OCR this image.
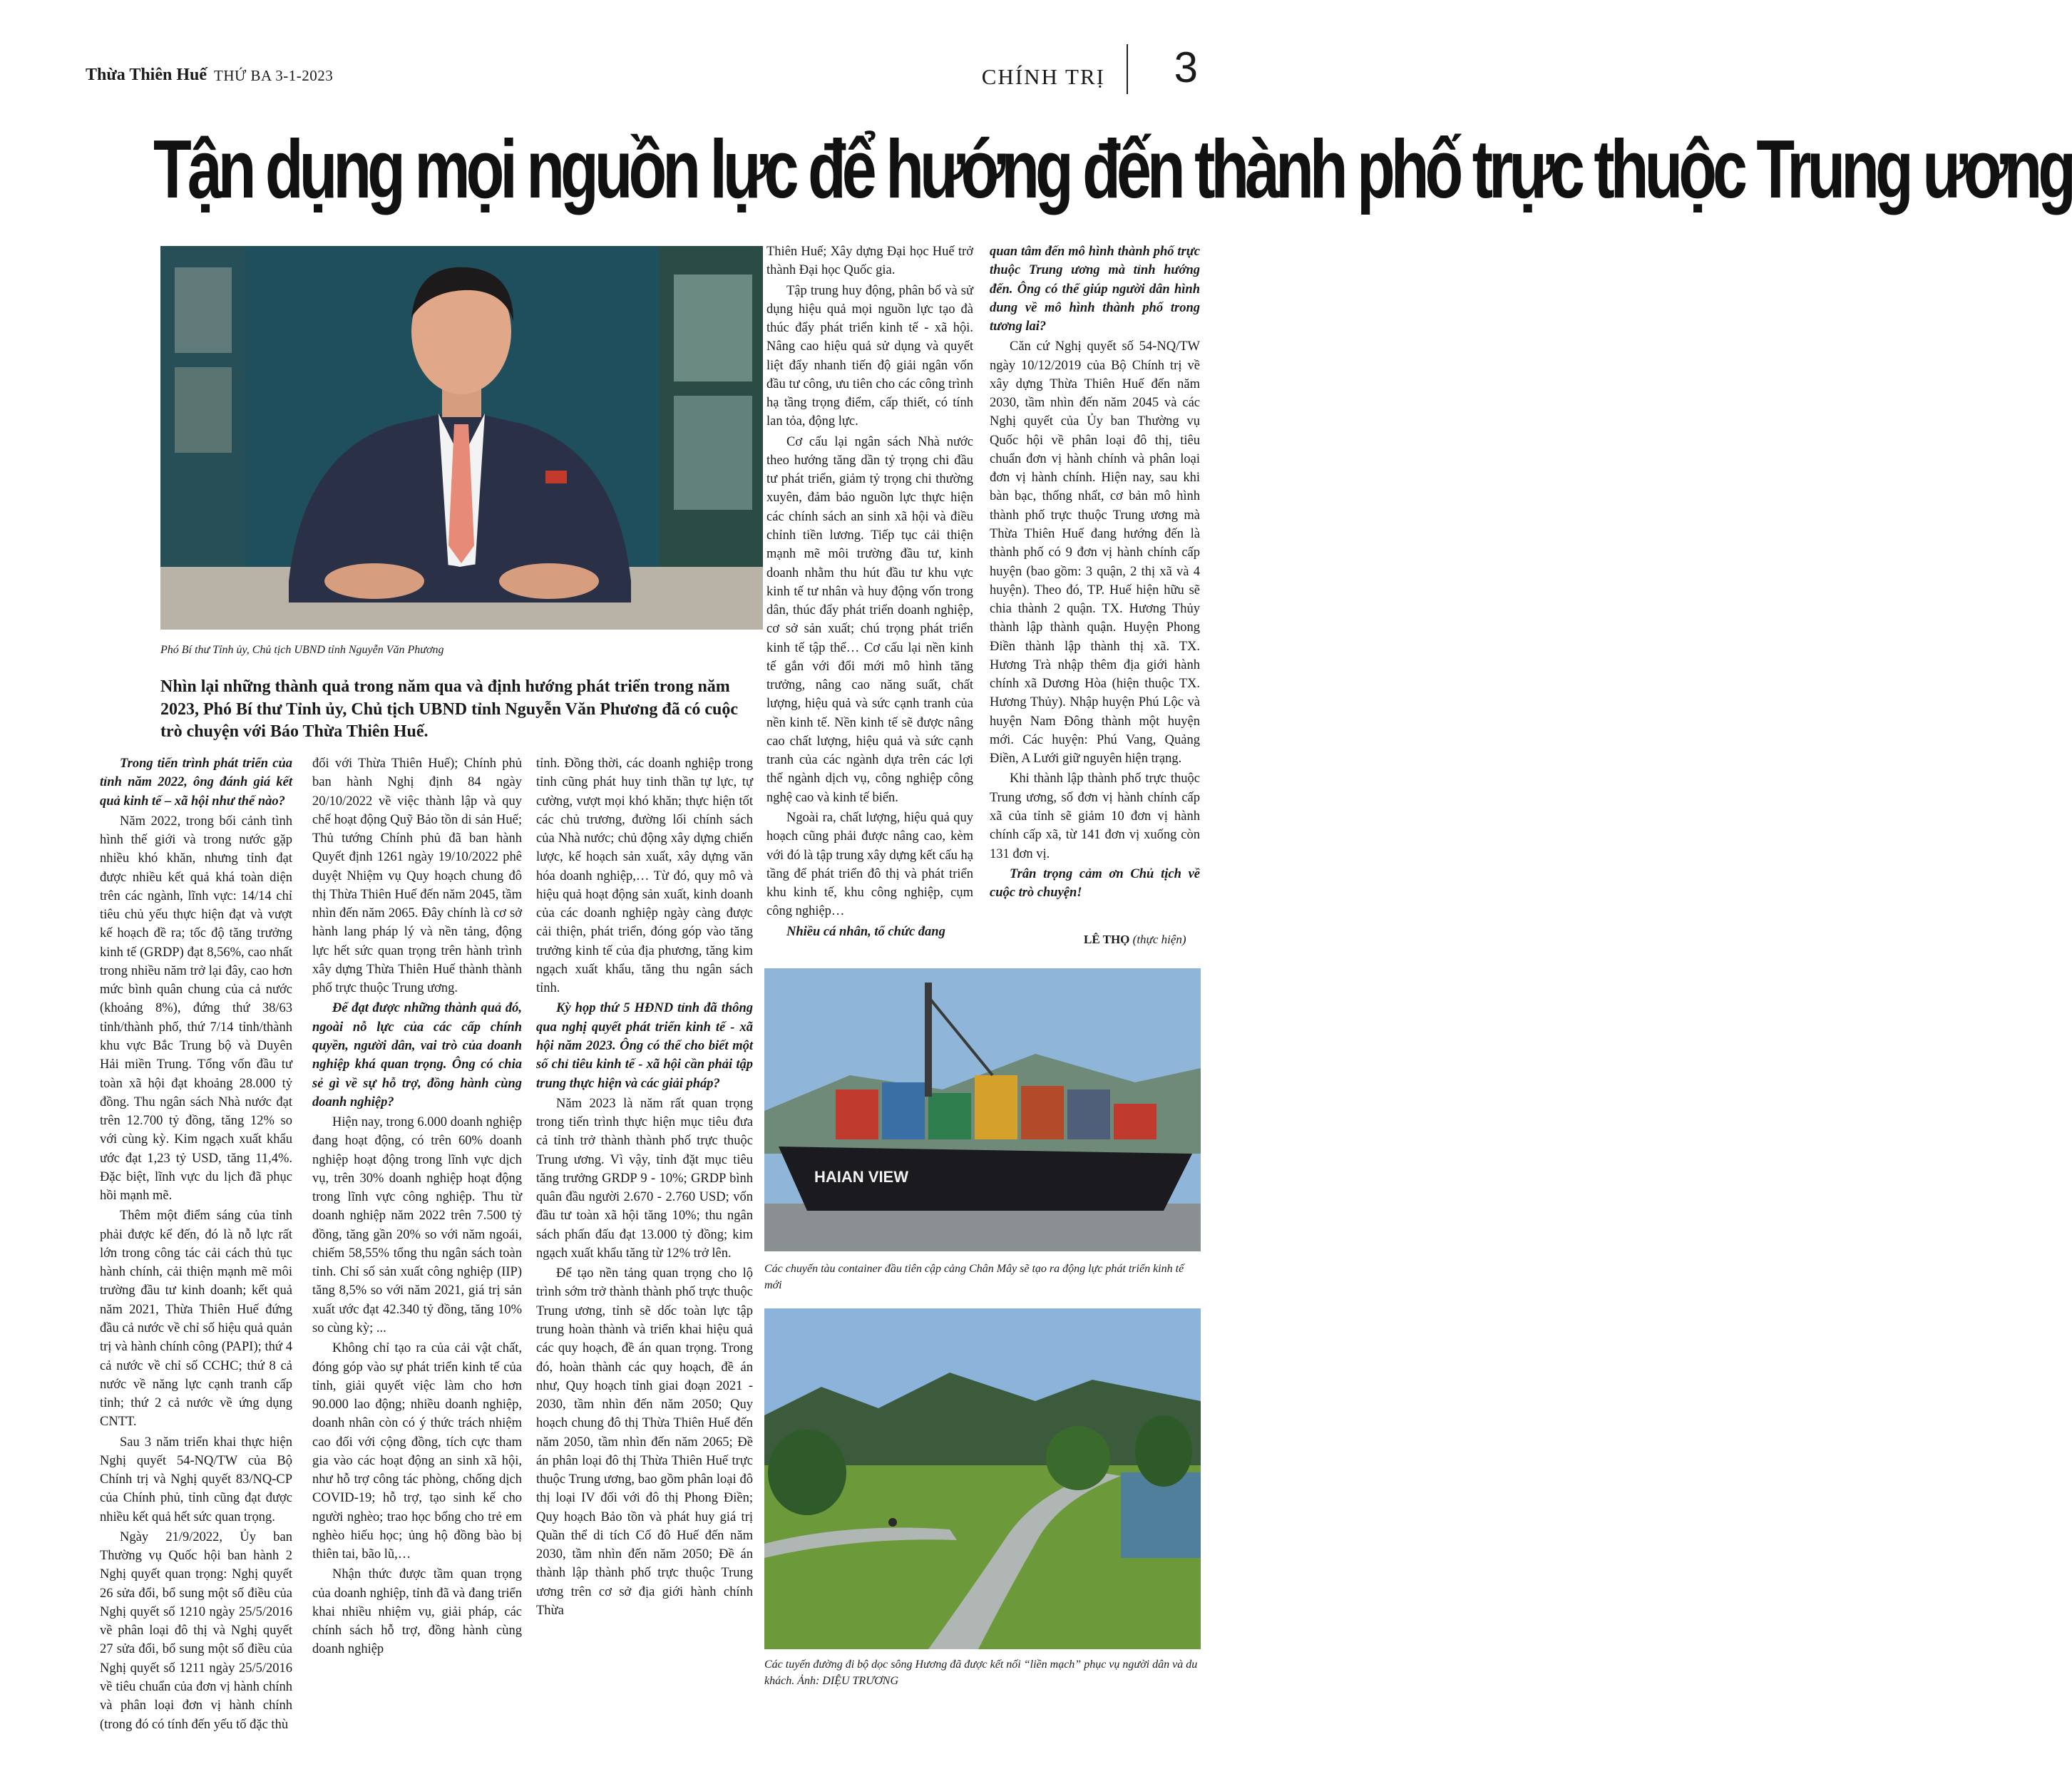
Thừa Thiên Huế THỨ BA 3-1-2023	CHÍNH TRỊ 3
Tận dụng mọi nguồn lực để hướng đến thành phố trực thuộc Trung ương
Phó Bí thư Tỉnh ủy, Chủ tịch UBND tỉnh Nguyễn Văn Phương
Nhìn lại những thành quả trong năm qua và định hướng phát triển trong năm 2023, Phó Bí thư Tỉnh ủy, Chủ tịch UBND tỉnh Nguyễn Văn Phương đã có cuộc trò chuyện với Báo Thừa Thiên Huế.

Trong tiến trình phát triển của tỉnh năm 2022, ông đánh giá kết quả kinh tế – xã hội như thế nào?

Năm 2022, trong bối cảnh tình hình thế giới và trong nước gặp nhiều khó khăn, nhưng tỉnh đạt được nhiều kết quả khá toàn diện trên các ngành, lĩnh vực: 14/14 chỉ tiêu chủ yếu thực hiện đạt và vượt kế hoạch đề ra; tốc độ tăng trưởng kinh tế (GRDP) đạt 8,56%, cao nhất trong nhiều năm trở lại đây, cao hơn mức bình quân chung của cả nước (khoảng 8%), đứng thứ 38/63 tỉnh/thành phố, thứ 7/14 tỉnh/thành khu vực Bắc Trung bộ và Duyên Hải miền Trung. Tổng vốn đầu tư toàn xã hội đạt khoảng 28.000 tỷ đồng. Thu ngân sách Nhà nước đạt trên 12.700 tỷ đồng, tăng 12% so với cùng kỳ. Kim ngạch xuất khẩu ước đạt 1,23 tỷ USD, tăng 11,4%. Đặc biệt, lĩnh vực du lịch đã phục hồi mạnh mẽ.

Thêm một điểm sáng của tỉnh phải được kể đến, đó là nỗ lực rất lớn trong công tác cải cách thủ tục hành chính, cải thiện mạnh mẽ môi trường đầu tư kinh doanh; kết quả năm 2021, Thừa Thiên Huế đứng đầu cả nước về chỉ số hiệu quả quản trị và hành chính công (PAPI); thứ 4 cả nước về chỉ số CCHC; thứ 8 cả nước về năng lực cạnh tranh cấp tỉnh; thứ 2 cả nước về ứng dụng CNTT.

Sau 3 năm triển khai thực hiện Nghị quyết 54-NQ/TW của Bộ Chính trị và Nghị quyết 83/NQ-CP của Chính phủ, tỉnh cũng đạt được nhiều kết quả hết sức quan trọng.

Ngày 21/9/2022, Ủy ban Thường vụ Quốc hội ban hành 2 Nghị quyết quan trọng: Nghị quyết 26 sửa đổi, bổ sung một số điều của Nghị quyết số 1210 ngày 25/5/2016 về phân loại đô thị và Nghị quyết 27 sửa đổi, bổ sung một số điều của Nghị quyết số 1211 ngày 25/5/2016 về tiêu chuẩn của đơn vị hành chính và phân loại đơn vị hành chính (trong đó có tính đến yếu tố đặc thù

đối với Thừa Thiên Huế); Chính phủ ban hành Nghị định 84 ngày 20/10/2022 về việc thành lập và quy chế hoạt động Quỹ Bảo tồn di sản Huế; Thủ tướng Chính phủ đã ban hành Quyết định 1261 ngày 19/10/2022 phê duyệt Nhiệm vụ Quy hoạch chung đô thị Thừa Thiên Huế đến năm 2045, tầm nhìn đến năm 2065. Đây chính là cơ sở hành lang pháp lý và nền tảng, động lực hết sức quan trọng trên hành trình xây dựng Thừa Thiên Huế thành thành phố trực thuộc Trung ương.

Để đạt được những thành quả đó, ngoài nỗ lực của các cấp chính quyền, người dân, vai trò của doanh nghiệp khá quan trọng. Ông có chia sẻ gì về sự hỗ trợ, đồng hành cùng doanh nghiệp?

Hiện nay, trong 6.000 doanh nghiệp đang hoạt động, có trên 60% doanh nghiệp hoạt động trong lĩnh vực dịch vụ, trên 30% doanh nghiệp hoạt động trong lĩnh vực công nghiệp. Thu từ doanh nghiệp năm 2022 trên 7.500 tỷ đồng, tăng gần 20% so với năm ngoái, chiếm 58,55% tổng thu ngân sách toàn tỉnh. Chỉ số sản xuất công nghiệp (IIP) tăng 8,5% so với năm 2021, giá trị sản xuất ước đạt 42.340 tỷ đồng, tăng 10% so cùng kỳ; ...

Không chỉ tạo ra của cải vật chất, đóng góp vào sự phát triển kinh tế của tỉnh, giải quyết việc làm cho hơn 90.000 lao động; nhiều doanh nghiệp, doanh nhân còn có ý thức trách nhiệm cao đối với cộng đồng, tích cực tham gia vào các hoạt động an sinh xã hội, như hỗ trợ công tác phòng, chống dịch COVID-19; hỗ trợ, tạo sinh kế cho người nghèo; trao học bổng cho trẻ em nghèo hiếu học; ủng hộ đồng bào bị thiên tai, bão lũ,…

Nhận thức được tầm quan trọng của doanh nghiệp, tỉnh đã và đang triển khai nhiều nhiệm vụ, giải pháp, các chính sách hỗ trợ, đồng hành cùng doanh nghiệp

tỉnh. Đồng thời, các doanh nghiệp trong tỉnh cũng phát huy tinh thần tự lực, tự cường, vượt mọi khó khăn; thực hiện tốt các chủ trương, đường lối chính sách của Nhà nước; chủ động xây dựng chiến lược, kế hoạch sản xuất, xây dựng văn hóa doanh nghiệp,… Từ đó, quy mô và hiệu quả hoạt động sản xuất, kinh doanh của các doanh nghiệp ngày càng được cải thiện, phát triển, đóng góp vào tăng trưởng kinh tế của địa phương, tăng kim ngạch xuất khẩu, tăng thu ngân sách tỉnh.

Kỳ họp thứ 5 HĐND tỉnh đã thông qua nghị quyết phát triển kinh tế - xã hội năm 2023. Ông có thể cho biết một số chỉ tiêu kinh tế - xã hội cần phải tập trung thực hiện và các giải pháp?

Năm 2023 là năm rất quan trọng trong tiến trình thực hiện mục tiêu đưa cả tỉnh trở thành thành phố trực thuộc Trung ương. Vì vậy, tỉnh đặt mục tiêu tăng trưởng GRDP 9 - 10%; GRDP bình quân đầu người 2.670 - 2.760 USD; vốn đầu tư toàn xã hội tăng 10%; thu ngân sách phấn đấu đạt 13.000 tỷ đồng; kim ngạch xuất khẩu tăng từ 12% trở lên.

Để tạo nền tảng quan trọng cho lộ trình sớm trở thành thành phố trực thuộc Trung ương, tỉnh sẽ dốc toàn lực tập trung hoàn thành và triển khai hiệu quả các quy hoạch, đề án quan trọng. Trong đó, hoàn thành các quy hoạch, đề án như, Quy hoạch tỉnh giai đoạn 2021 - 2030, tầm nhìn đến năm 2050; Quy hoạch chung đô thị Thừa Thiên Huế đến năm 2050, tầm nhìn đến năm 2065; Đề án phân loại đô thị Thừa Thiên Huế trực thuộc Trung ương, bao gồm phân loại đô thị loại IV đối với đô thị Phong Điền; Quy hoạch Bảo tồn và phát huy giá trị Quần thể di tích Cố đô Huế đến năm 2030, tầm nhìn đến năm 2050; Đề án thành lập thành phố trực thuộc Trung ương trên cơ sở địa giới hành chính Thừa

Thiên Huế; Xây dựng Đại học Huế trở thành Đại học Quốc gia.

Tập trung huy động, phân bổ và sử dụng hiệu quả mọi nguồn lực tạo đà thúc đẩy phát triển kinh tế - xã hội. Nâng cao hiệu quả sử dụng và quyết liệt đẩy nhanh tiến độ giải ngân vốn đầu tư công, ưu tiên cho các công trình hạ tầng trọng điểm, cấp thiết, có tính lan tỏa, động lực.

Cơ cấu lại ngân sách Nhà nước theo hướng tăng dần tỷ trọng chi đầu tư phát triển, giảm tỷ trọng chi thường xuyên, đảm bảo nguồn lực thực hiện các chính sách an sinh xã hội và điều chỉnh tiền lương. Tiếp tục cải thiện mạnh mẽ môi trường đầu tư, kinh doanh nhằm thu hút đầu tư khu vực kinh tế tư nhân và huy động vốn trong dân, thúc đẩy phát triển doanh nghiệp, cơ sở sản xuất; chú trọng phát triển kinh tế tập thể… Cơ cấu lại nền kinh tế gắn với đổi mới mô hình tăng trưởng, nâng cao năng suất, chất lượng, hiệu quả và sức cạnh tranh của nền kinh tế. Nền kinh tế sẽ được nâng cao chất lượng, hiệu quả và sức cạnh tranh của các ngành dựa trên các lợi thế ngành dịch vụ, công nghiệp công nghệ cao và kinh tế biển.

Ngoài ra, chất lượng, hiệu quả quy hoạch cũng phải được nâng cao, kèm với đó là tập trung xây dựng kết cấu hạ tầng để phát triển đô thị và phát triển khu kinh tế, khu công nghiệp, cụm công nghiệp…

Nhiều cá nhân, tổ chức đang

quan tâm đến mô hình thành phố trực thuộc Trung ương mà tỉnh hướng đến. Ông có thể giúp người dân hình dung về mô hình thành phố trong tương lai?

Căn cứ Nghị quyết số 54-NQ/TW ngày 10/12/2019 của Bộ Chính trị về xây dựng Thừa Thiên Huế đến năm 2030, tầm nhìn đến năm 2045 và các Nghị quyết của Ủy ban Thường vụ Quốc hội về phân loại đô thị, tiêu chuẩn đơn vị hành chính và phân loại đơn vị hành chính. Hiện nay, sau khi bàn bạc, thống nhất, cơ bản mô hình thành phố trực thuộc Trung ương mà Thừa Thiên Huế đang hướng đến là thành phố có 9 đơn vị hành chính cấp huyện (bao gồm: 3 quận, 2 thị xã và 4 huyện). Theo đó, TP. Huế hiện hữu sẽ chia thành 2 quận. TX. Hương Thủy thành lập thành quận. Huyện Phong Điền thành lập thành thị xã. TX. Hương Trà nhập thêm địa giới hành chính xã Dương Hòa (hiện thuộc TX. Hương Thủy). Nhập huyện Phú Lộc và huyện Nam Đông thành một huyện mới. Các huyện: Phú Vang, Quảng Điền, A Lưới giữ nguyên hiện trạng.

Khi thành lập thành phố trực thuộc Trung ương, số đơn vị hành chính cấp xã của tỉnh sẽ giảm 10 đơn vị hành chính cấp xã, từ 141 đơn vị xuống còn 131 đơn vị.

Trân trọng cảm ơn Chủ tịch về cuộc trò chuyện!

LÊ THỌ (thực hiện)
HAIAN VIEW
Các chuyến tàu container đầu tiên cập cảng Chân Mây sẽ tạo ra động lực phát triển kinh tế mới
Các tuyến đường đi bộ dọc sông Hương đã được kết nối “liền mạch” phục vụ người dân và du khách. Ảnh: DIỆU TRƯƠNG
